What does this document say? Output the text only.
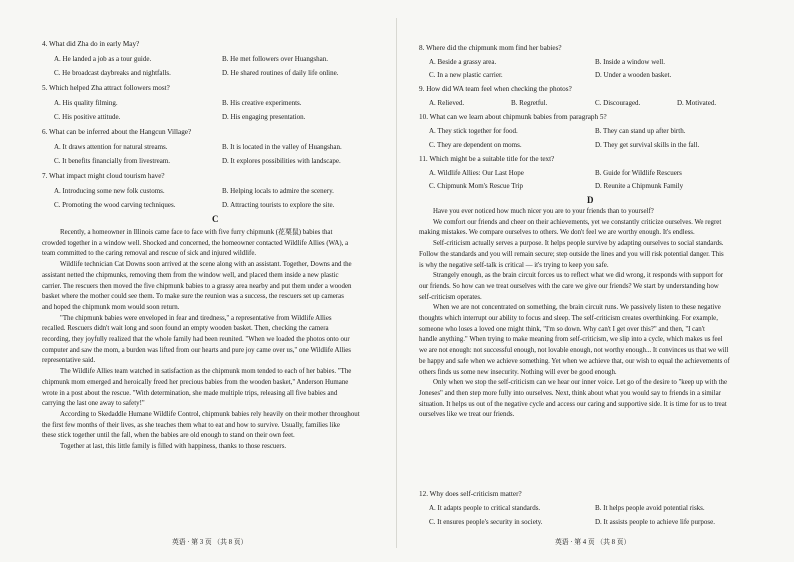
4. What did Zha do in early May?
A. He landed a job as a tour guide.	B. He met followers over Huangshan.
C. He broadcast daybreaks and nightfalls.	D. He shared routines of daily life online.
5. Which helped Zha attract followers most?
A. His quality filming.	B. His creative experiments.
C. His positive attitude.	D. His engaging presentation.
6. What can be inferred about the Hangcun Village?
A. It draws attention for natural streams.	B. It is located in the valley of Huangshan.
C. It benefits financially from livestream.	D. It explores possibilities with landscape.
7. What impact might cloud tourism have?
A. Introducing some new folk customs.	B. Helping locals to admire the scenery.
C. Promoting the wood carving techniques.	D. Attracting tourists to explore the site.
C
Recently, a homeowner in Illinois came face to face with five furry chipmunk (花栗鼠) babies that
crowded together in a window well. Shocked and concerned, the homeowner contacted Wildlife Allies (WA), a
team committed to the caring removal and rescue of sick and injured wildlife.
Wildlife technician Cat Downs soon arrived at the scene along with an assistant. Together, Downs and the
assistant netted the chipmunks, removing them from the window well, and placed them inside a new plastic
carrier. The rescuers then moved the five chipmunk babies to a grassy area nearby and put them under a wooden
basket where the mother could see them. To make sure the reunion was a success, the rescuers set up cameras
and hoped the chipmunk mom would soon return.
"The chipmunk babies were enveloped in fear and tiredness," a representative from Wildlife Allies
recalled. Rescuers didn't wait long and soon found an empty wooden basket. Then, checking the camera
recording, they joyfully realized that the whole family had been reunited. "When we loaded the photos onto our
computer and saw the mom, a burden was lifted from our hearts and pure joy came over us," one Wildlife Allies
representative said.
The Wildlife Allies team watched in satisfaction as the chipmunk mom tended to each of her babies. "The
chipmunk mom emerged and heroically freed her precious babies from the wooden basket," Anderson Humane
wrote in a post about the rescue. "With determination, she made multiple trips, releasing all five babies and
carrying the last one away to safety!"
According to Skedaddle Humane Wildlife Control, chipmunk babies rely heavily on their mother throughout
the first few months of their lives, as she teaches them what to eat and how to survive. Usually, families like
these stick together until the fall, when the babies are old enough to stand on their own feet.
Together at last, this little family is filled with happiness, thanks to those rescuers.
英语 · 第 3 页 （共 8 页）
8. Where did the chipmunk mom find her babies?
A. Beside a grassy area.	B. Inside a window well.
C. In a new plastic carrier.	D. Under a wooden basket.
9. How did WA team feel when checking the photos?
A. Relieved.	B. Regretful.	C. Discouraged.	D. Motivated.
10. What can we learn about chipmunk babies from paragraph 5?
A. They stick together for food.	B. They can stand up after birth.
C. They are dependent on moms.	D. They get survival skills in the fall.
11. Which might be a suitable title for the text?
A. Wildlife Allies: Our Last Hope	B. Guide for Wildlife Rescuers
C. Chipmunk Mom's Rescue Trip	D. Reunite a Chipmunk Family
D
Have you ever noticed how much nicer you are to your friends than to yourself?
We comfort our friends and cheer on their achievements, yet we constantly criticize ourselves. We regret
making mistakes. We compare ourselves to others. We don't feel we are worthy enough. It's endless.
Self-criticism actually serves a purpose. It helps people survive by adapting ourselves to social standards.
Follow the standards and you will remain secure; step outside the lines and you will risk potential danger. This
is why the negative self-talk is critical — it's trying to keep you safe.
Strangely enough, as the brain circuit forces us to reflect what we did wrong, it responds with support for
our friends. So how can we treat ourselves with the care we give our friends? We start by understanding how
self-criticism operates.
When we are not concentrated on something, the brain circuit runs. We passively listen to these negative
thoughts which interrupt our ability to focus and sleep. The self-criticism creates overthinking. For example,
someone who loses a loved one might think, "I'm so down. Why can't I get over this?" and then, "I can't
handle anything." When trying to make meaning from self-criticism, we slip into a cycle, which makes us feel
we are not enough: not successful enough, not lovable enough, not worthy enough... It convinces us that we will
be happy and safe when we achieve something. Yet when we achieve that, our wish to equal the achievements of
others finds us some new insecurity. Nothing will ever be good enough.
Only when we stop the self-criticism can we hear our inner voice. Let go of the desire to "keep up with the
Joneses" and then step more fully into ourselves. Next, think about what you would say to friends in a similar
situation. It helps us out of the negative cycle and access our caring and supportive side. It is time for us to treat
ourselves like we treat our friends.
12. Why does self-criticism matter?
A. It adapts people to critical standards.	B. It helps people avoid potential risks.
C. It ensures people's security in society.	D. It assists people to achieve life purpose.
英语 · 第 4 页 （共 8 页）
